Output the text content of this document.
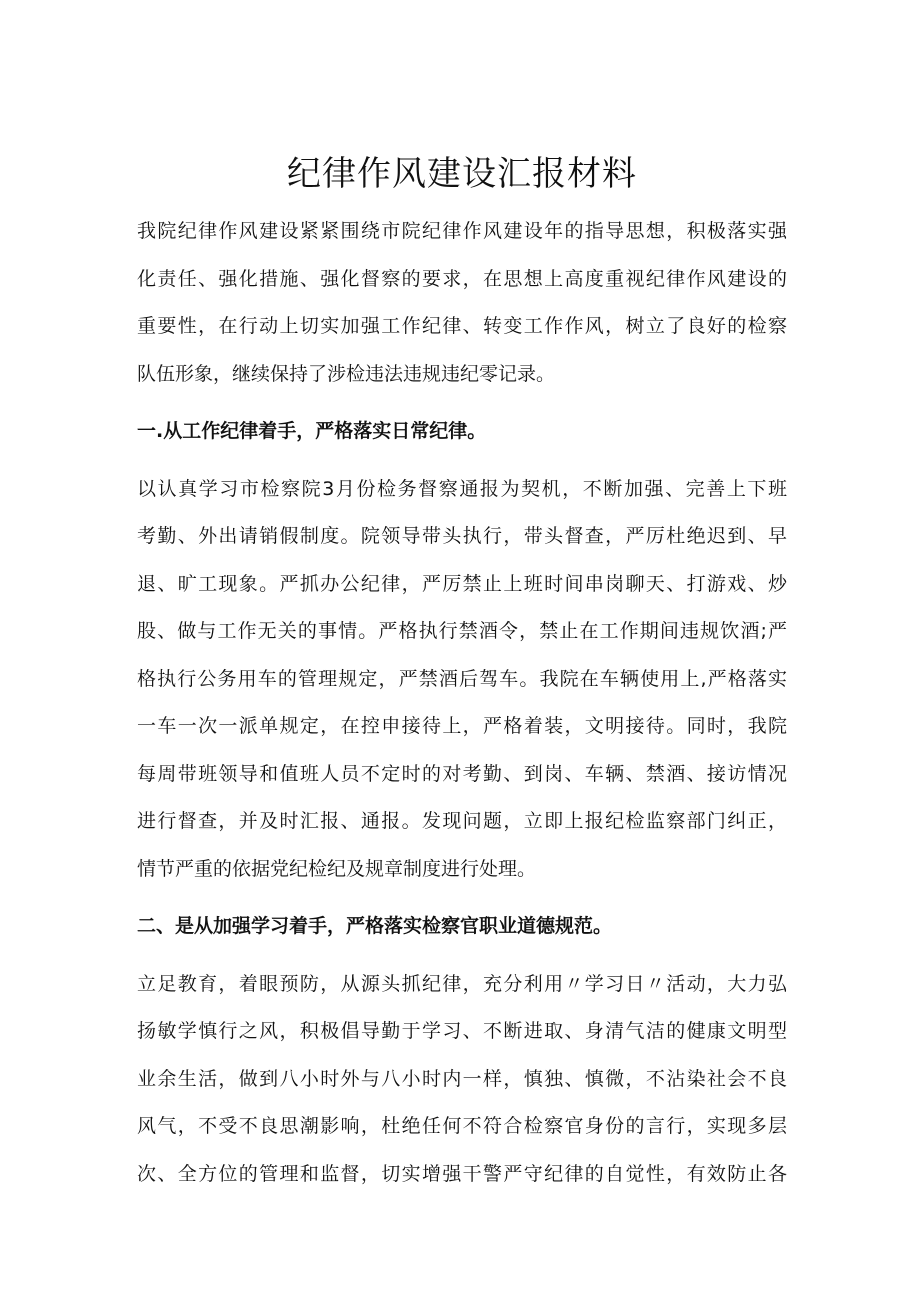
纪律作风建设汇报材料
我院纪律作风建设紧紧围绕市院纪律作风建设年的指导思想，积极落实强
化责任、强化措施、强化督察的要求，在思想上高度重视纪律作风建设的
重要性，在行动上切实加强工作纪律、转变工作作风，树立了良好的检察
队伍形象，继续保持了涉检违法违规违纪零记录。
一.从工作纪律着手，严格落实日常纪律。
以认真学习市检察院3月份检务督察通报为契机，不断加强、完善上下班
考勤、外出请销假制度。院领导带头执行，带头督查，严厉杜绝迟到、早
退、旷工现象。严抓办公纪律，严厉禁止上班时间串岗聊天、打游戏、炒
股、做与工作无关的事情。严格执行禁酒令，禁止在工作期间违规饮酒;严
格执行公务用车的管理规定，严禁酒后驾车。我院在车辆使用上,严格落实
一车一次一派单规定，在控申接待上，严格着装，文明接待。同时，我院
每周带班领导和值班人员不定时的对考勤、到岗、车辆、禁酒、接访情况
进行督查，并及时汇报、通报。发现问题，立即上报纪检监察部门纠正，
情节严重的依据党纪检纪及规章制度进行处理。
二、是从加强学习着手，严格落实检察官职业道德规范。
立足教育，着眼预防，从源头抓纪律，充分利用〃学习日〃活动，大力弘
扬敏学慎行之风，积极倡导勤于学习、不断进取、身清气洁的健康文明型
业余生活，做到八小时外与八小时内一样，慎独、慎微，不沾染社会不良
风气，不受不良思潮影响，杜绝任何不符合检察官身份的言行，实现多层
次、全方位的管理和监督，切实增强干警严守纪律的自觉性，有效防止各
